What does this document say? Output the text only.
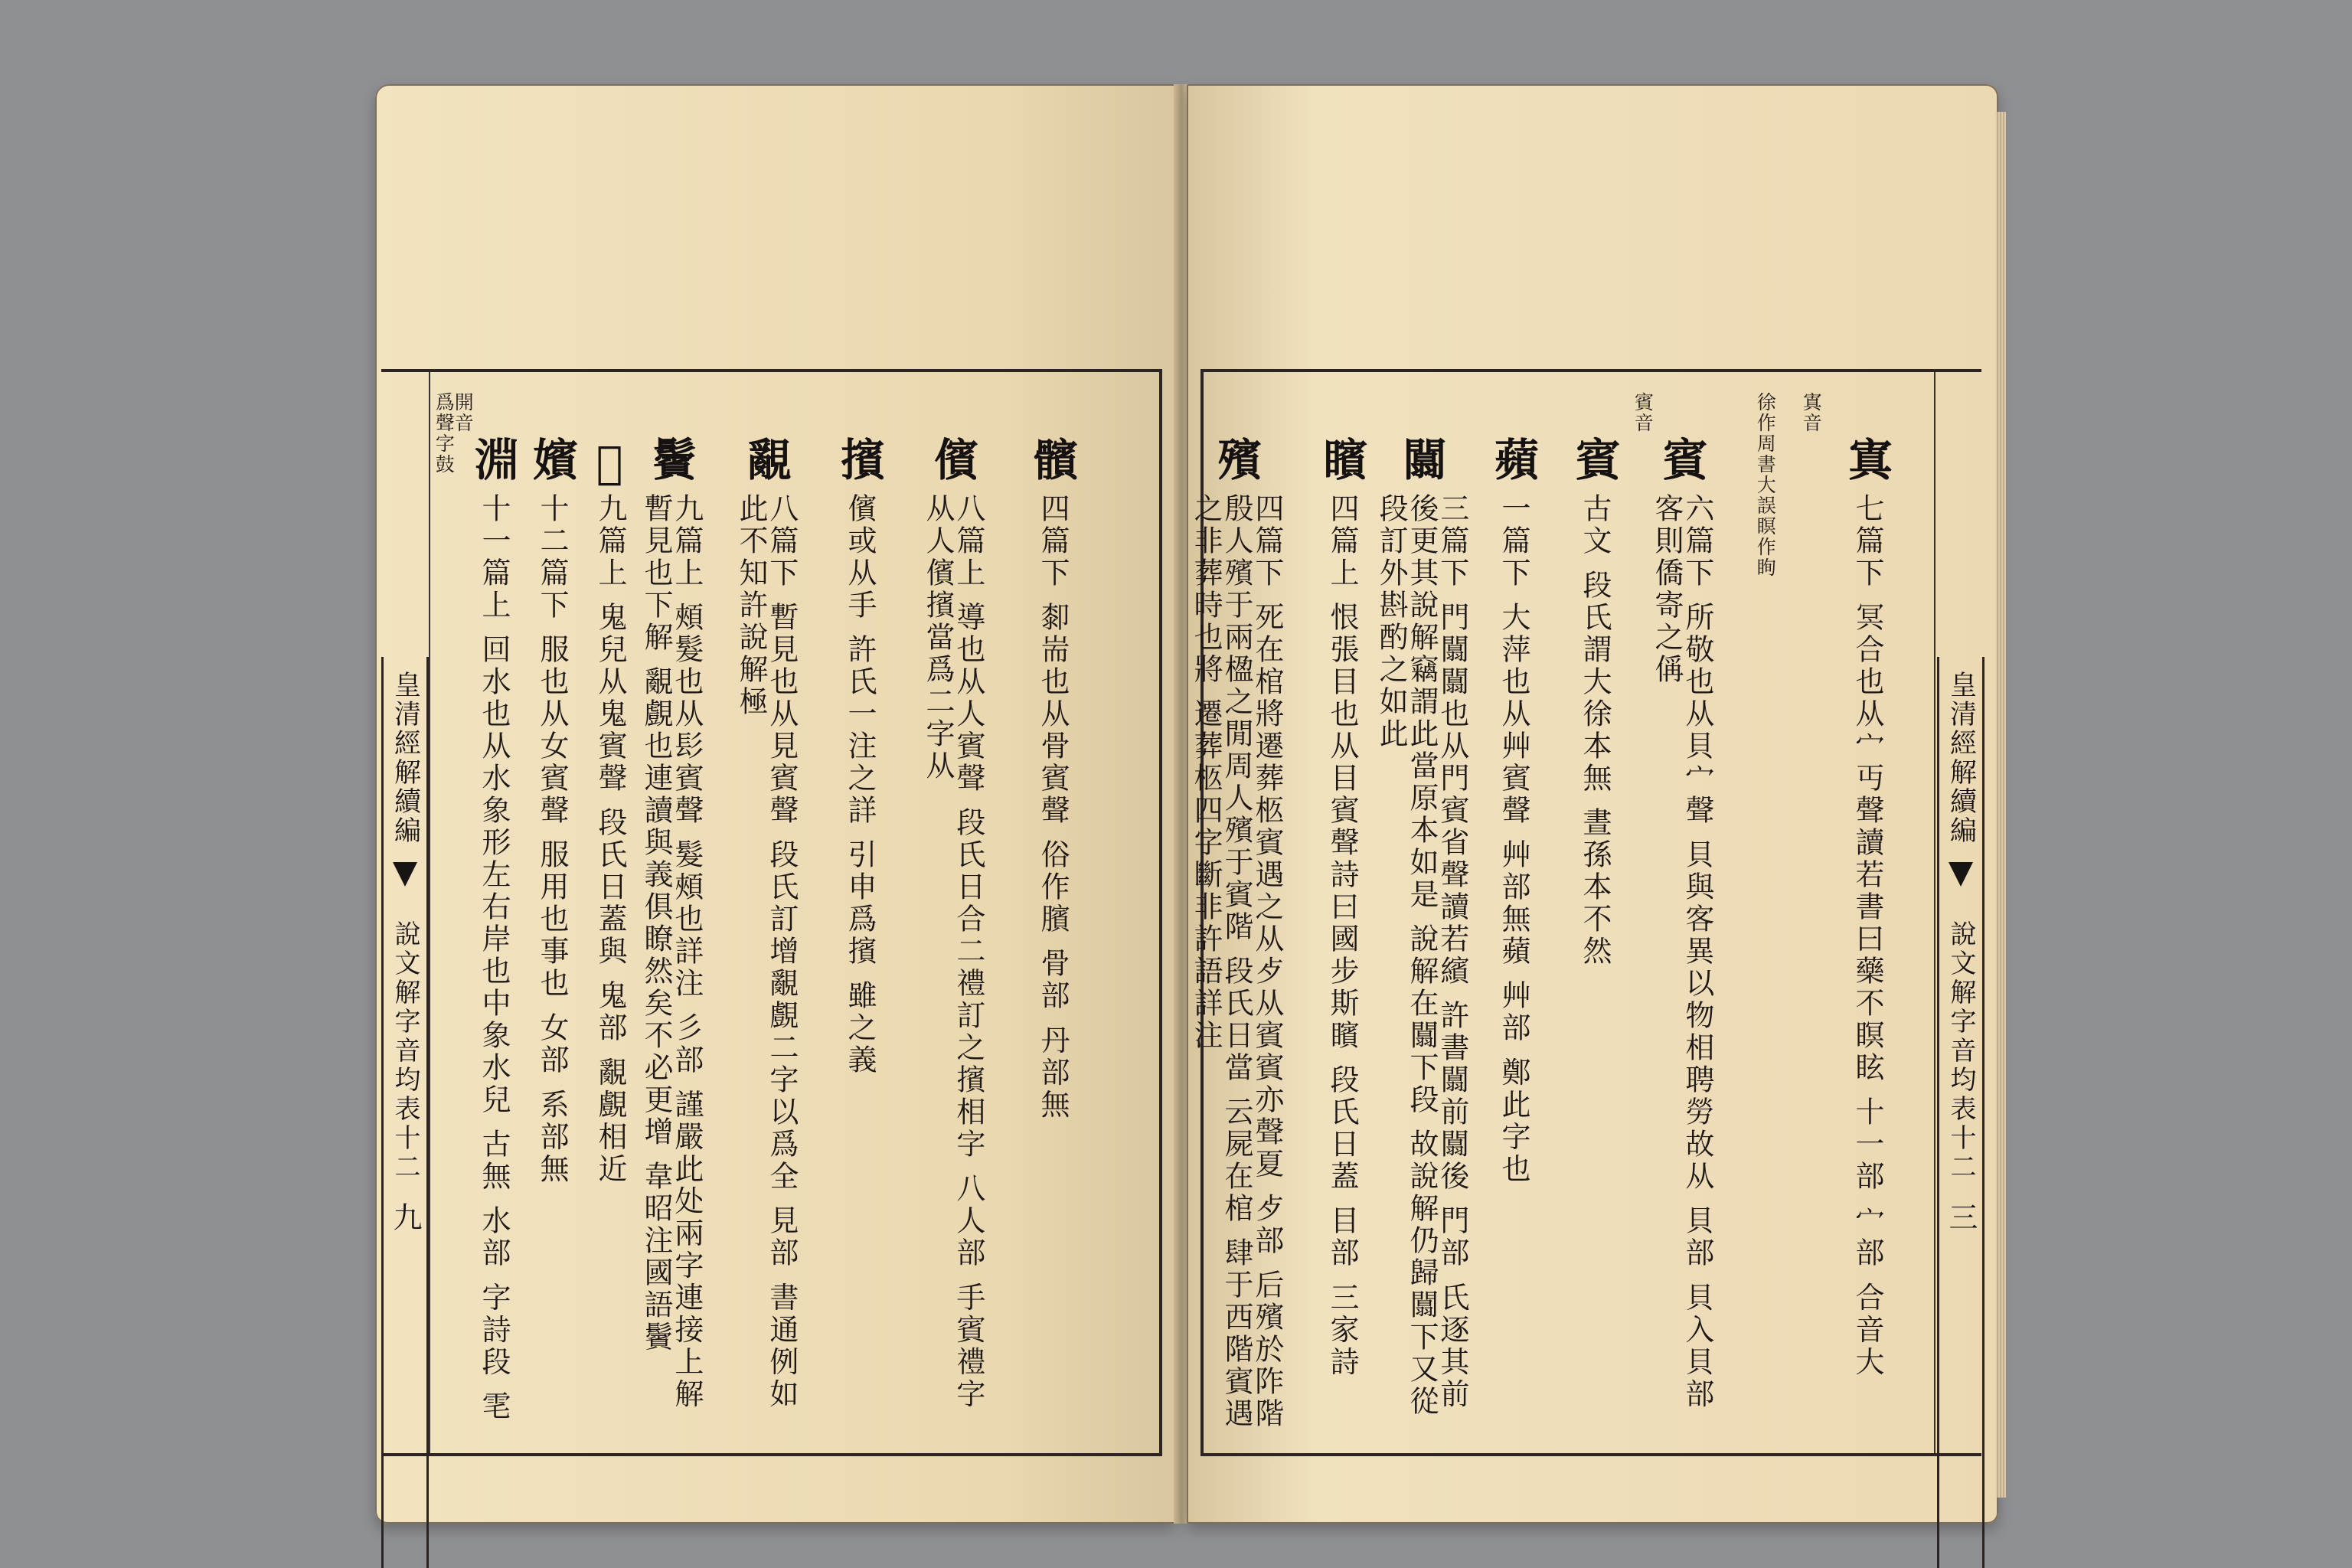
皇清經解續編
說文解字音均表十二
九
爲聲字鼓
開音
淵
十一篇上 回水也从水象形左右岸也中象水兒 古無 水部 字詩段 䨋
嬪
十二篇下 服也从女賓聲 服用也事也 女部 系部無
𩴭
九篇上 鬼兒从鬼賓聲 段氏日蓋與 鬼部 覶覻相近
鬢
九篇上 頰髮也从髟賓聲 髮頰也詳注 彡部 謹嚴此处兩字連接上解暫見也下解 覶覻也連讀與義俱瞭然矣不必更增 韋昭注國語鬢
覶
八篇下 暫見也从見賓聲 段氏訂增覶覻二字以爲全 見部 書通例如此不知許說解極
擯
儐或从手 許氏一注之詳 引申爲擯 雖之義
儐
八篇上 導也从人賓聲 段氏日合二禮訂之擯相字 八人部 手賓禮字从人儐擯當爲二字从
髕
四篇下 厀耑也从骨賓聲 俗作臏 骨部 丹部無
殯
四篇下 死在棺將遷葬柩賓遇之从歺从賓賓亦聲夏 歺部 后殯於阼階殷人殯于兩楹之閒周人殯于賓階 段氏日當 云屍在棺 肆于西階賓遇之非葬時也將 遷葬柩四字斷非許語詳注
矉
四篇上 恨張目也从目賓聲詩曰國步斯矉 段氏日蓋 目部 三家詩
闒
三篇下 門闒闒也从門賓省聲讀若繽 許書闒前闒後 門部 氏逐其前後更其說解竊謂此當原本如是 說解在闒下段 故說解仍歸闒下又從段訂外斟酌之如此
蘋
一篇下 大萍也从艸賓聲 艸部無蘋 艸部 鄭此字也
賓
古文 段氏謂大徐本無 晝孫本不然
賓音
賓
六篇下 所敬也从貝宀聲 貝與客異以物相聘勞故从 貝部 貝入貝部客則僑寄之偁
徐作周書大誤瞑作眴 寘音
寘
七篇下 冥合也从宀丏聲讀若書曰藥不瞑眩 十一部 宀部 合音大 皇清經解續編
說文解字音均表十二
三
